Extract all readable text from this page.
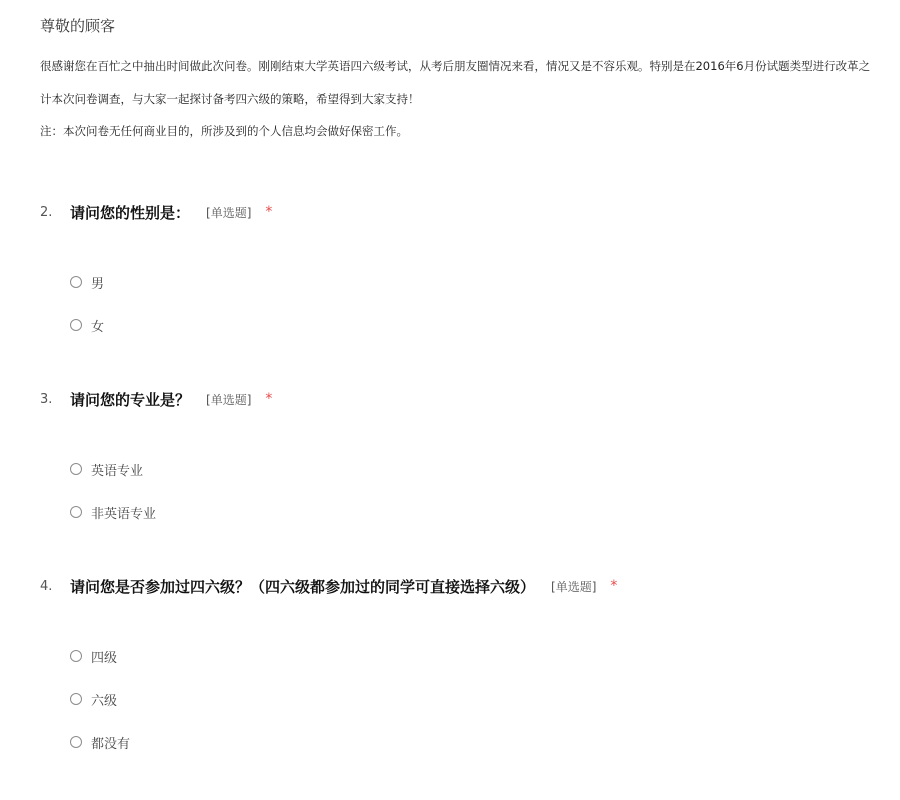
尊敬的顾客
很感谢您在百忙之中抽出时间做此次问卷。刚刚结束大学英语四六级考试，从考后朋友圈情况来看，情况又是不容乐观。特别是在2016年6月份试题类型进行改革之
计本次问卷调查，与大家一起探讨备考四六级的策略，希望得到大家支持！
注：本次问卷无任何商业目的，所涉及到的个人信息均会做好保密工作。
2.	请问您的性别是： [单选题] *
男
女
3.	请问您的专业是？ [单选题] *
英语专业
非英语专业
4.	请问您是否参加过四六级？（四六级都参加过的同学可直接选择六级） [单选题] *
四级
六级
都没有
